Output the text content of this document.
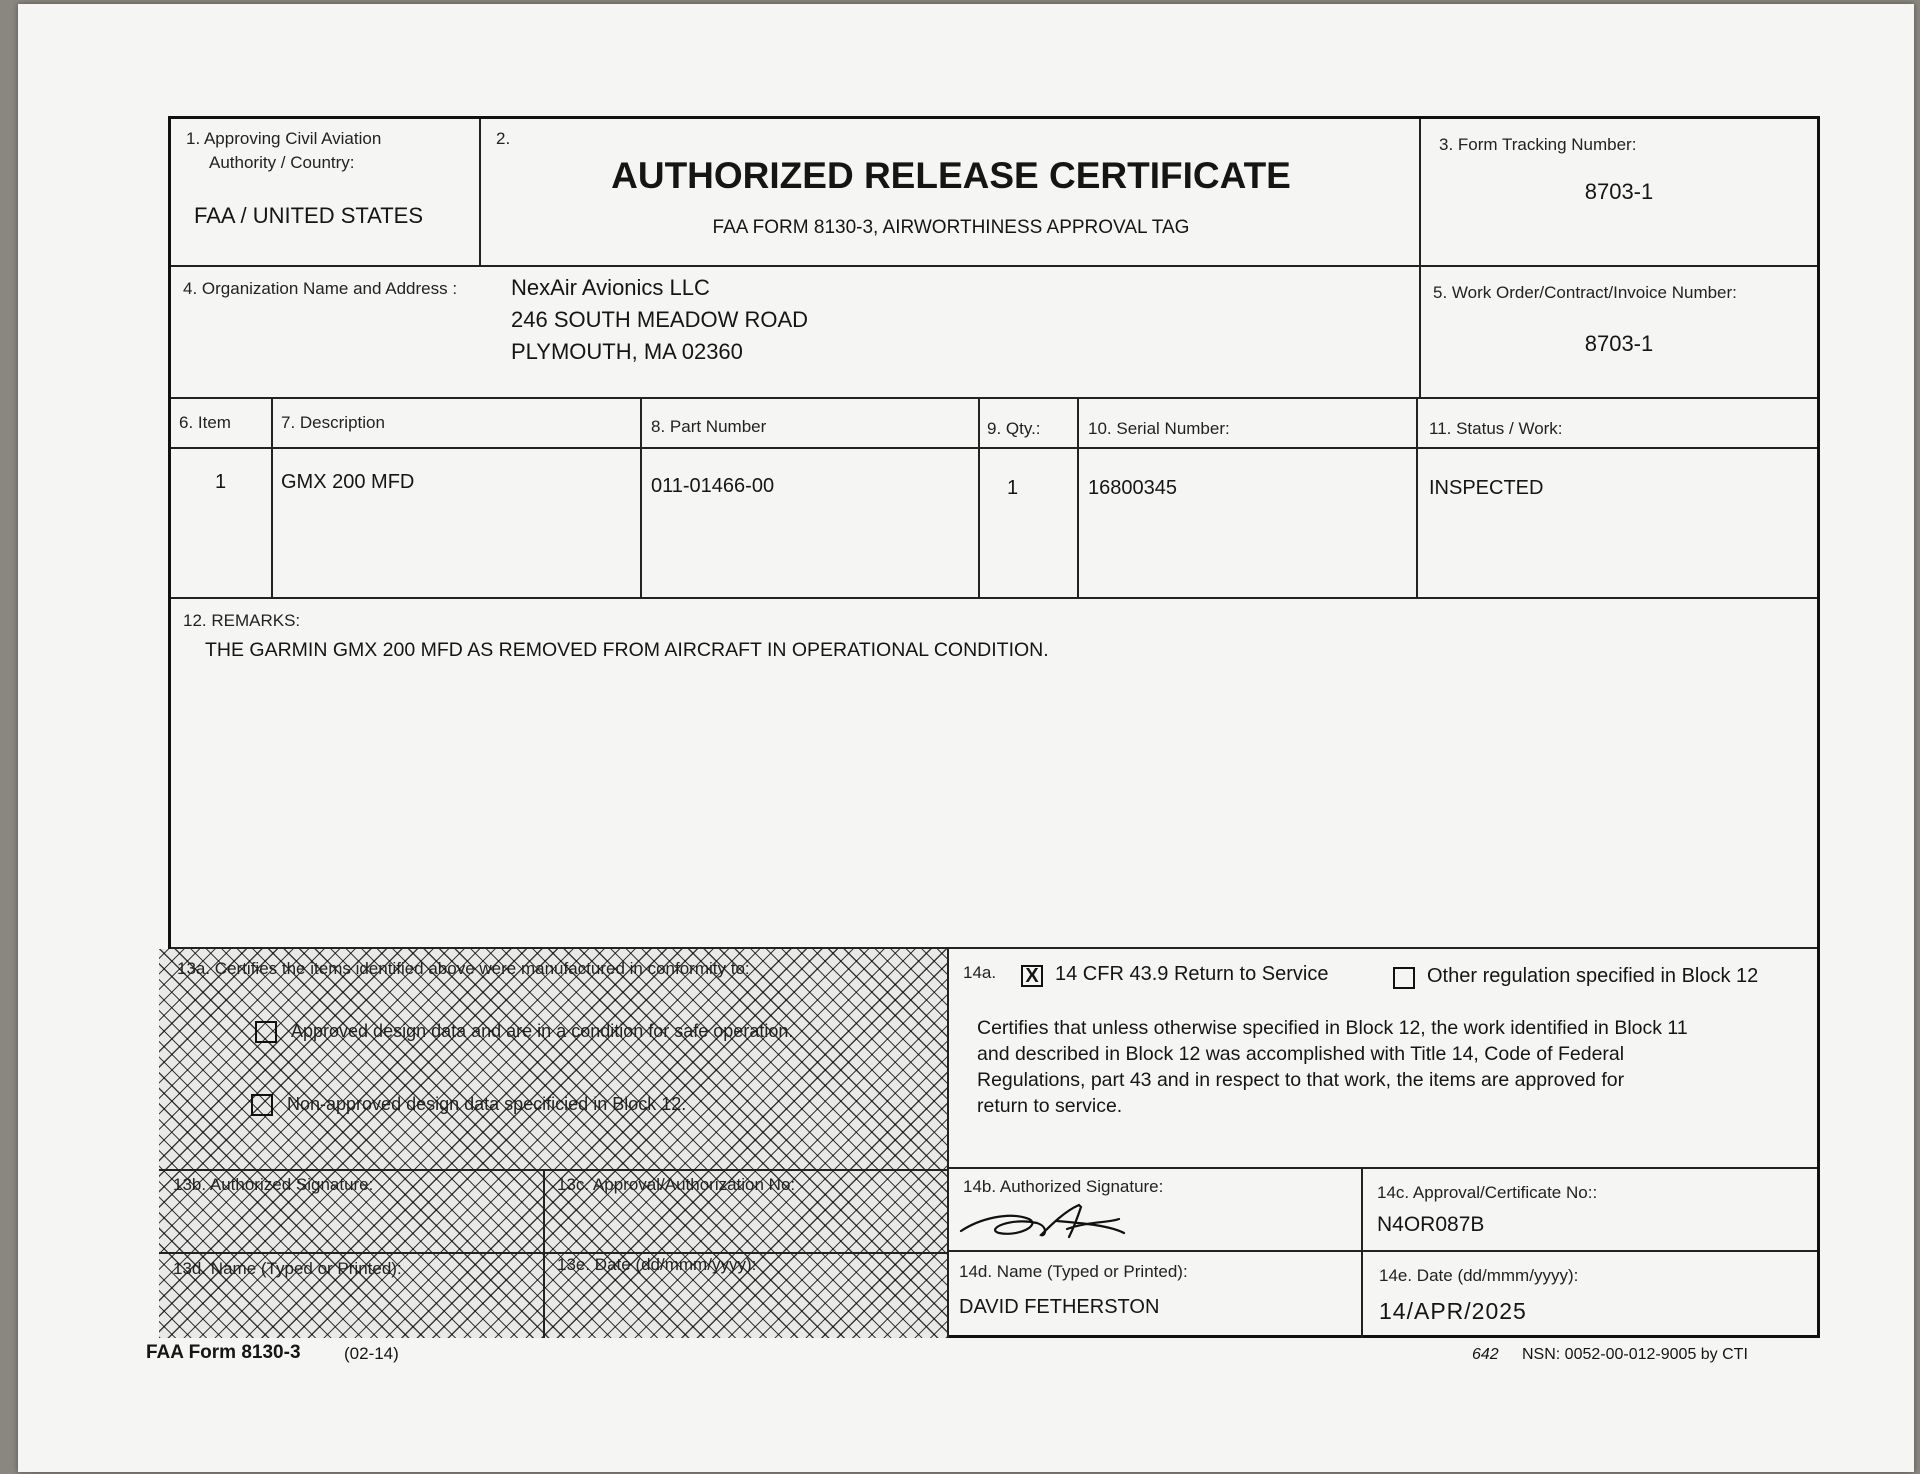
1. Approving Civil Aviation
Authority / Country:
FAA / UNITED STATES
2.
AUTHORIZED RELEASE CERTIFICATE
FAA FORM 8130-3, AIRWORTHINESS APPROVAL TAG
3. Form Tracking Number:
8703-1
4. Organization Name and Address : NexAir Avionics LLC
246 SOUTH MEADOW ROAD
PLYMOUTH, MA 02360
5. Work Order/Contract/Invoice Number:
8703-1
6. Item	7. Description	8. Part Number	9. Qty.:	10. Serial Number:	11. Status / Work:
1	GMX 200 MFD	011-01466-00	1	16800345	INSPECTED
12. REMARKS:
THE GARMIN GMX 200 MFD AS REMOVED FROM AIRCRAFT IN OPERATIONAL CONDITION.
13a. Certifies the items identified above were manufactured in conformity to:
Approved design data and are in a condition for safe operation.
Non-approved design data specificied in Block 12.
13b. Authorized Signature:	13c. Approval/Authorization No:
13d. Name (Typed or Printed):	13e. Date (dd/mmm/yyyy):
14a. X 14 CFR 43.9 Return to Service	Other regulation specified in Block 12
Certifies that unless otherwise specified in Block 12, the work identified in Block 11
and described in Block 12 was accomplished with Title 14, Code of Federal
Regulations, part 43 and in respect to that work, the items are approved for
return to service.
14b. Authorized Signature:	14c. Approval/Certificate No::
N4OR087B
14d. Name (Typed or Printed):
DAVID FETHERSTON
14e. Date (dd/mmm/yyyy):
14/APR/2025
FAA Form 8130-3	(02-14)	642 NSN: 0052-00-012-9005 by CTI
